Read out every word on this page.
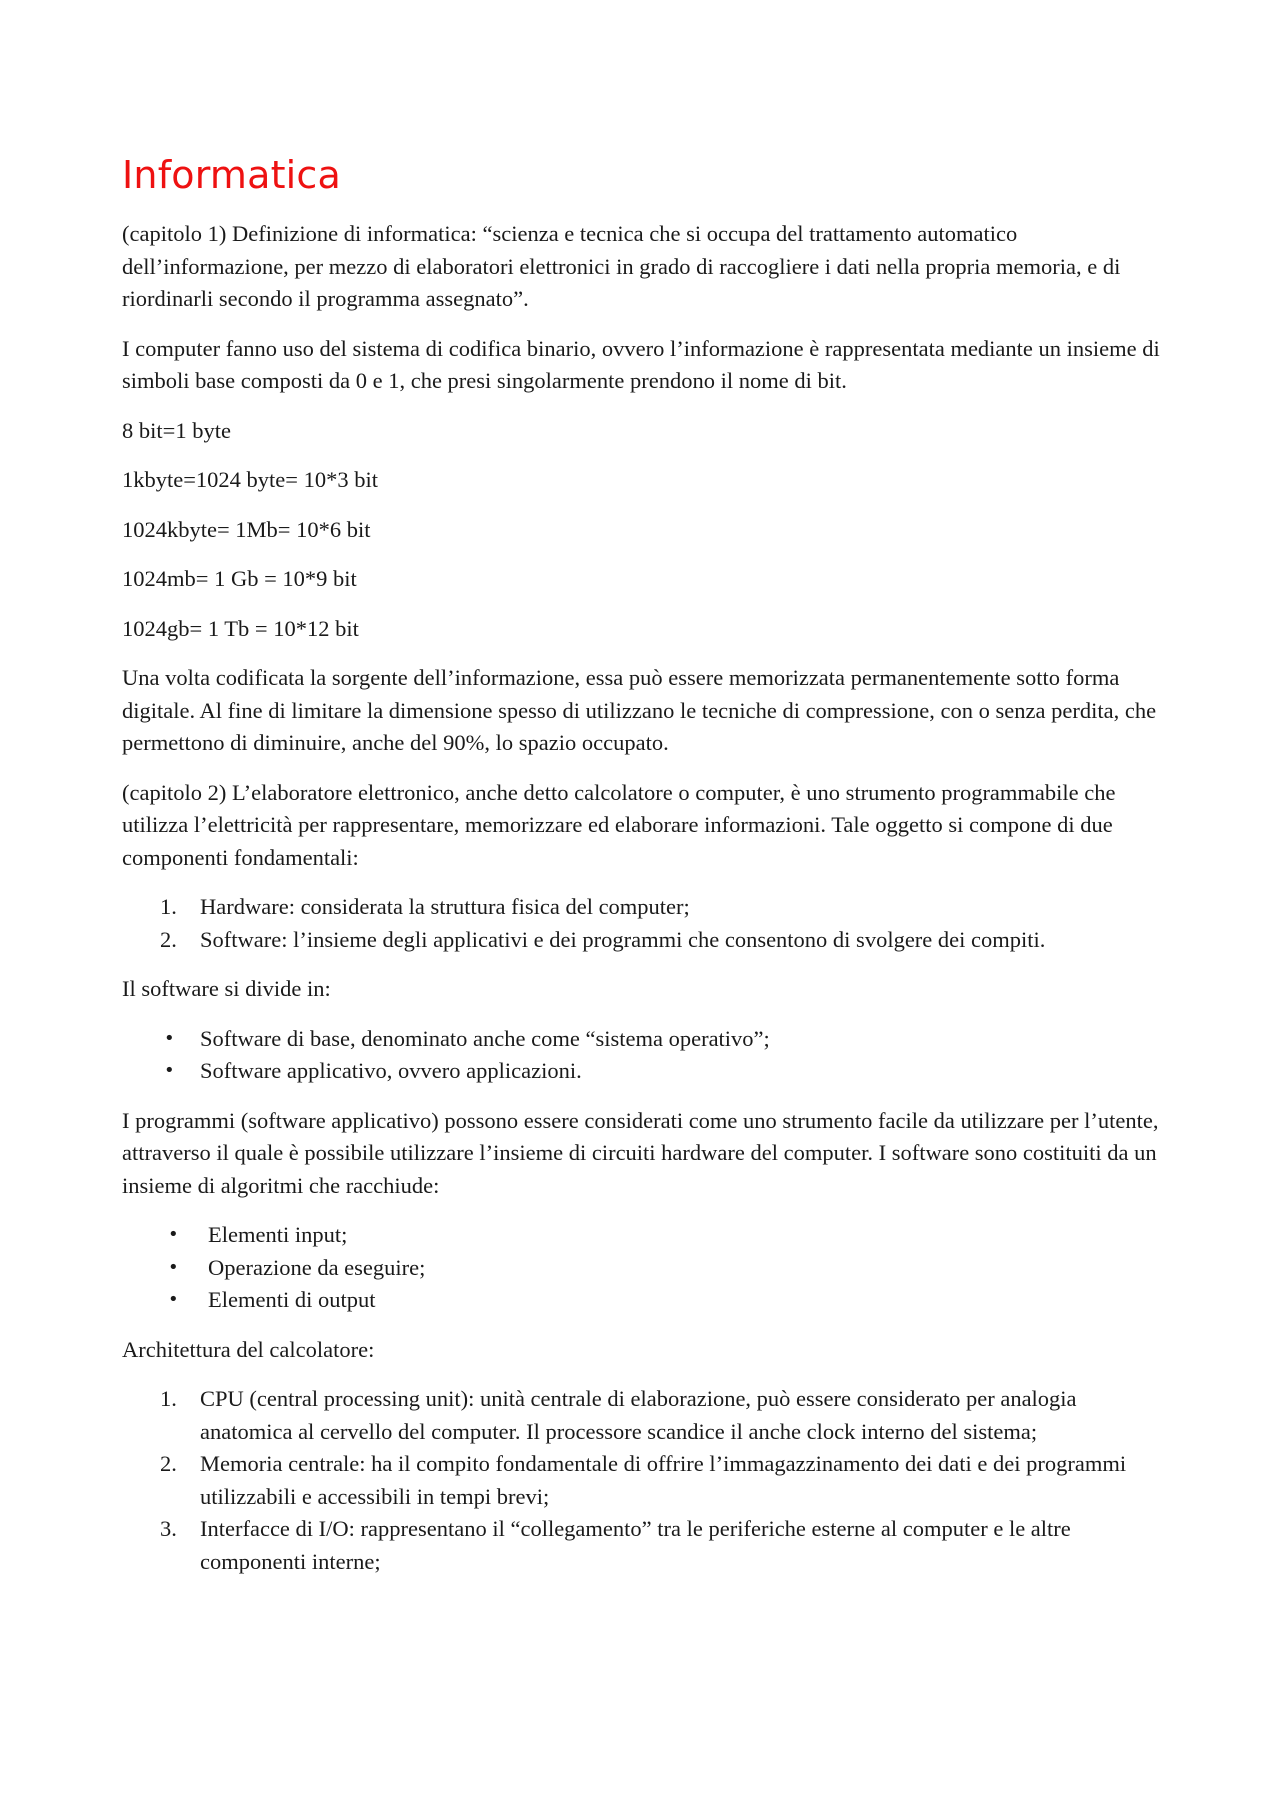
Informatica

(capitolo 1) Definizione di informatica: “scienza e tecnica che si occupa del trattamento automatico dell’informazione, per mezzo di elaboratori elettronici in grado di raccogliere i dati nella propria memoria, e di riordinarli secondo il programma assegnato”.

I computer fanno uso del sistema di codifica binario, ovvero l’informazione è rappresentata mediante un insieme di simboli base composti da 0 e 1, che presi singolarmente prendono il nome di bit.

8 bit=1 byte

1kbyte=1024 byte= 10*3 bit

1024kbyte= 1Mb= 10*6 bit

1024mb= 1 Gb = 10*9 bit

1024gb= 1 Tb = 10*12 bit

Una volta codificata la sorgente dell’informazione, essa può essere memorizzata permanentemente sotto forma digitale. Al fine di limitare la dimensione spesso di utilizzano le tecniche di compressione, con o senza perdita, che permettono di diminuire, anche del 90%, lo spazio occupato.

(capitolo 2) L’elaboratore elettronico, anche detto calcolatore o computer, è uno strumento programmabile che utilizza l’elettricità per rappresentare, memorizzare ed elaborare informazioni. Tale oggetto si compone di due componenti fondamentali:

1. Hardware: considerata la struttura fisica del computer;
2. Software: l’insieme degli applicativi e dei programmi che consentono di svolgere dei compiti.

Il software si divide in:

• Software di base, denominato anche come “sistema operativo”;
• Software applicativo, ovvero applicazioni.

I programmi (software applicativo) possono essere considerati come uno strumento facile da utilizzare per l’utente, attraverso il quale è possibile utilizzare l’insieme di circuiti hardware del computer. I software sono costituiti da un insieme di algoritmi che racchiude:

• Elementi input;
• Operazione da eseguire;
• Elementi di output

Architettura del calcolatore:

1. CPU (central processing unit): unità centrale di elaborazione, può essere considerato per analogia anatomica al cervello del computer. Il processore scandice il anche clock interno del sistema;
2. Memoria centrale: ha il compito fondamentale di offrire l’immagazzinamento dei dati e dei programmi utilizzabili e accessibili in tempi brevi;
3. Interfacce di I/O: rappresentano il “collegamento” tra le periferiche esterne al computer e le altre componenti interne;
